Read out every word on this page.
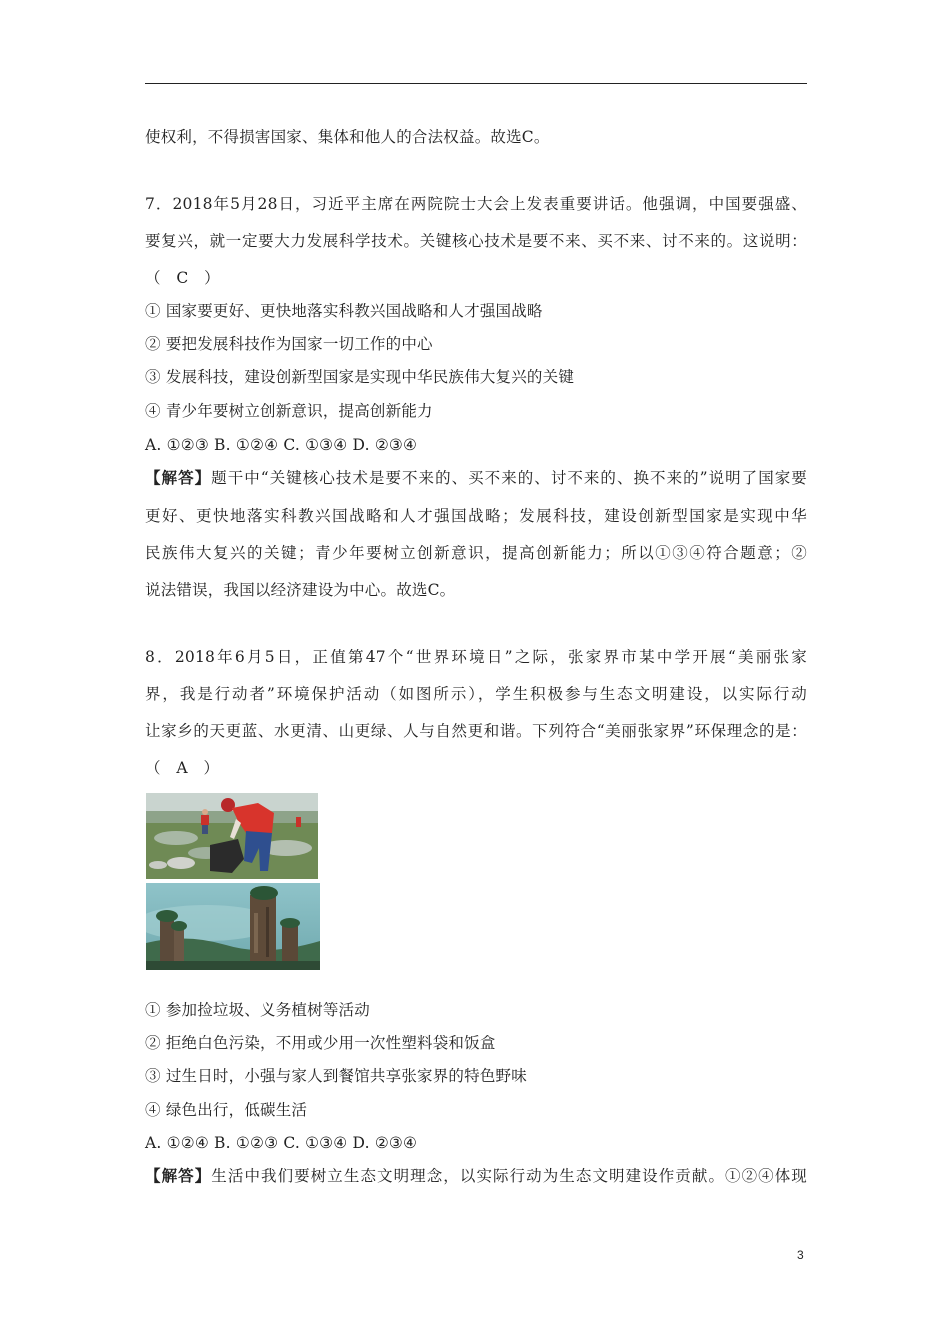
使权利，不得损害国家、集体和他人的合法权益。故选C。
7．2018年5月28日，习近平主席在两院院士大会上发表重要讲话。他强调，中国要强盛、
要复兴，就一定要大力发展科学技术。关键核心技术是要不来、买不来、讨不来的。这说明：
（　C　）
① 国家要更好、更快地落实科教兴国战略和人才强国战略
② 要把发展科技作为国家一切工作的中心
③ 发展科技，建设创新型国家是实现中华民族伟大复兴的关键
④ 青少年要树立创新意识，提高创新能力
A. ①②③ B. ①②④ C. ①③④ D. ②③④
【解答】题干中“关键核心技术是要不来的、买不来的、讨不来的、换不来的”说明了国家要
更好、更快地落实科教兴国战略和人才强国战略；发展科技，建设创新型国家是实现中华
民族伟大复兴的关键；青少年要树立创新意识，提高创新能力；所以①③④符合题意；②
说法错误，我国以经济建设为中心。故选C。
8．2018年6月5日，正值第47个“世界环境日”之际，张家界市某中学开展“美丽张家
界，我是行动者”环境保护活动（如图所示），学生积极参与生态文明建设，以实际行动
让家乡的天更蓝、水更清、山更绿、人与自然更和谐。下列符合“美丽张家界”环保理念的是：
（　A　）
① 参加捡垃圾、义务植树等活动
② 拒绝白色污染，不用或少用一次性塑料袋和饭盒
③ 过生日时，小强与家人到餐馆共享张家界的特色野味
④ 绿色出行，低碳生活
A. ①②④ B. ①②③ C. ①③④ D. ②③④
【解答】生活中我们要树立生态文明理念，以实际行动为生态文明建设作贡献。①②④体现
3
